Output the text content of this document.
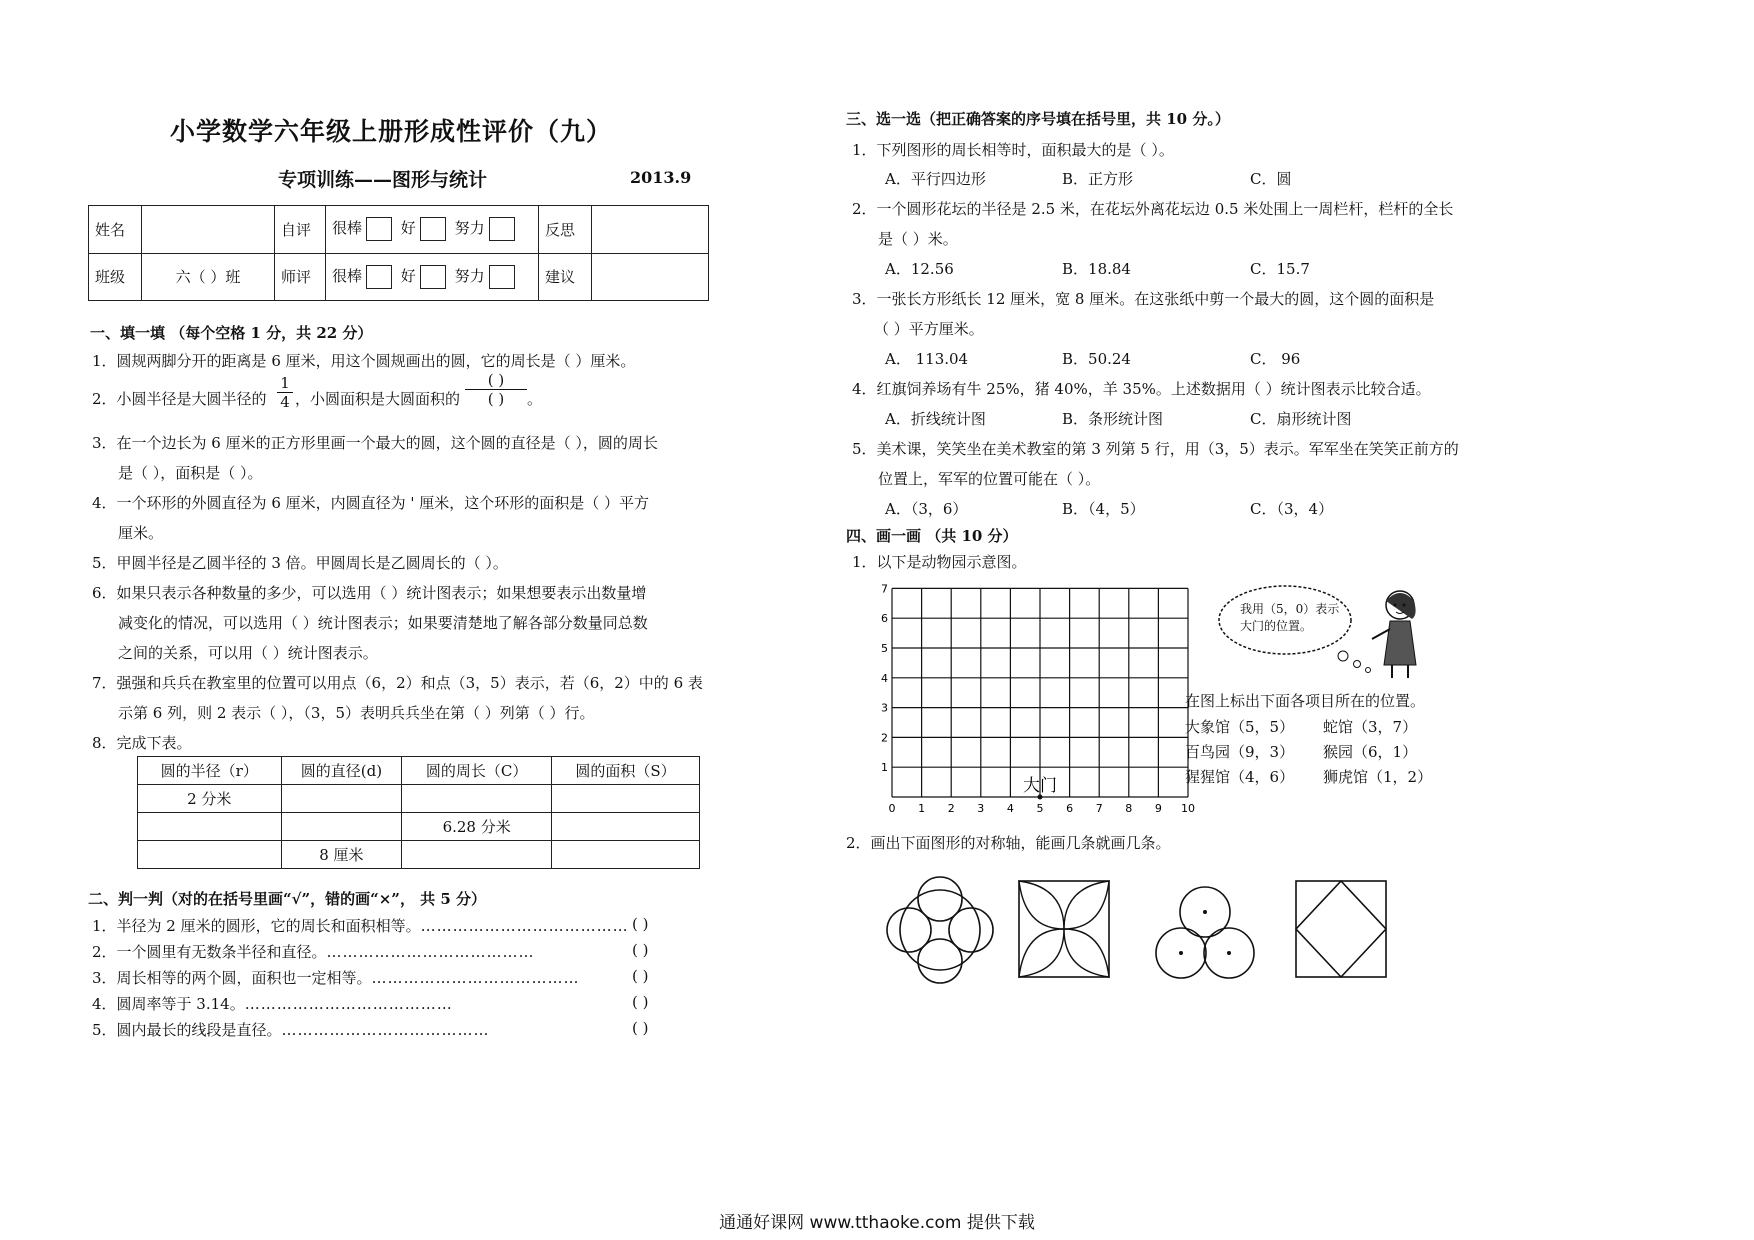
小学数学六年级上册形成性评价（九）
专项训练——图形与统计	2013.9
姓名		自评	很棒 好 努力	反思	
班级	六（ ）班	师评	很棒 好 努力	建议	
一、填一填 （每个空格 1 分，共 22 分）
1．圆规两脚分开的距离是 6 厘米，用这个圆规画出的圆，它的周长是（ ）厘米。
2．小圆半径是大圆半径的 $\frac{1}{4}$ ，小圆面积是大圆面积的
( )
( )	。
3．在一个边长为 6 厘米的正方形里画一个最大的圆，这个圆的直径是（ ），圆的周长
是（ ），面积是（ ）。
4．一个环形的外圆直径为 6 厘米，内圆直径为 ' 厘米，这个环形的面积是（ ）平方
厘米。
5．甲圆半径是乙圆半径的 3 倍。甲圆周长是乙圆周长的（ ）。
6．如果只表示各种数量的多少，可以选用（ ）统计图表示；如果想要表示出数量增
减变化的情况，可以选用（ ）统计图表示；如果要清楚地了解各部分数量同总数
之间的关系，可以用（ ）统计图表示。
7．强强和兵兵在教室里的位置可以用点（6，2）和点（3，5）表示，若（6，2）中的 6 表
示第 6 列，则 2 表示（ ），（3，5）表明兵兵坐在第（ ）列第（ ）行。
8．完成下表。
圆的半径（r）	圆的直径(d)	圆的周长（C）	圆的面积（S）
2 分米			
		6.28 分米	
	8 厘米		
二、判一判（对的在括号里画“√”，错的画“×”， 共 5 分）
1．半径为 2 厘米的圆形，它的周长和面积相等。………………………………… ( )
2．一个圆里有无数条半径和直径。…………………………………	( )
3．周长相等的两个圆，面积也一定相等。…………………………………	( )
4．圆周率等于 3.14。…………………………………	( )
5．圆内最长的线段是直径。…………………………………	( )
三、选一选（把正确答案的序号填在括号里，共 10 分。）
1．下列图形的周长相等时，面积最大的是（ ）。
A．平行四边形	B．正方形	C．圆
2．一个圆形花坛的半径是 2.5 米，在花坛外离花坛边 0.5 米处围上一周栏杆，栏杆的全长
是（ ）米。
A．12.56	B．18.84	C．15.7
3．一张长方形纸长 12 厘米，宽 8 厘米。在这张纸中剪一个最大的圆，这个圆的面积是
（ ）平方厘米。
A． 113.04	B．50.24	C． 96
4．红旗饲养场有牛 25%，猪 40%，羊 35%。上述数据用（ ）统计图表示比较合适。
A．折线统计图	B．条形统计图	C．扇形统计图
5．美术课，笑笑坐在美术教室的第 3 列第 5 行，用（3，5）表示。军军坐在笑笑正前方的
位置上，军军的位置可能在（ ）。
A．（3，6）	B．（4，5）	C．（3，4）
四、画一画 （共 10 分）
1．以下是动物园示意图。
0 1 2 3 4 5 6 7 8 9 10
1
2
3
4
5
6
7
大门
我用（5，0）表示
大门的位置。
在图上标出下面各项目所在的位置。
大象馆（5，5） 蛇馆（3，7）
百鸟园（9，3） 猴园（6，1）
猩猩馆（4，6） 狮虎馆（1，2）
2．画出下面图形的对称轴，能画几条就画几条。
通通好课网 www.tthaoke.com 提供下载
